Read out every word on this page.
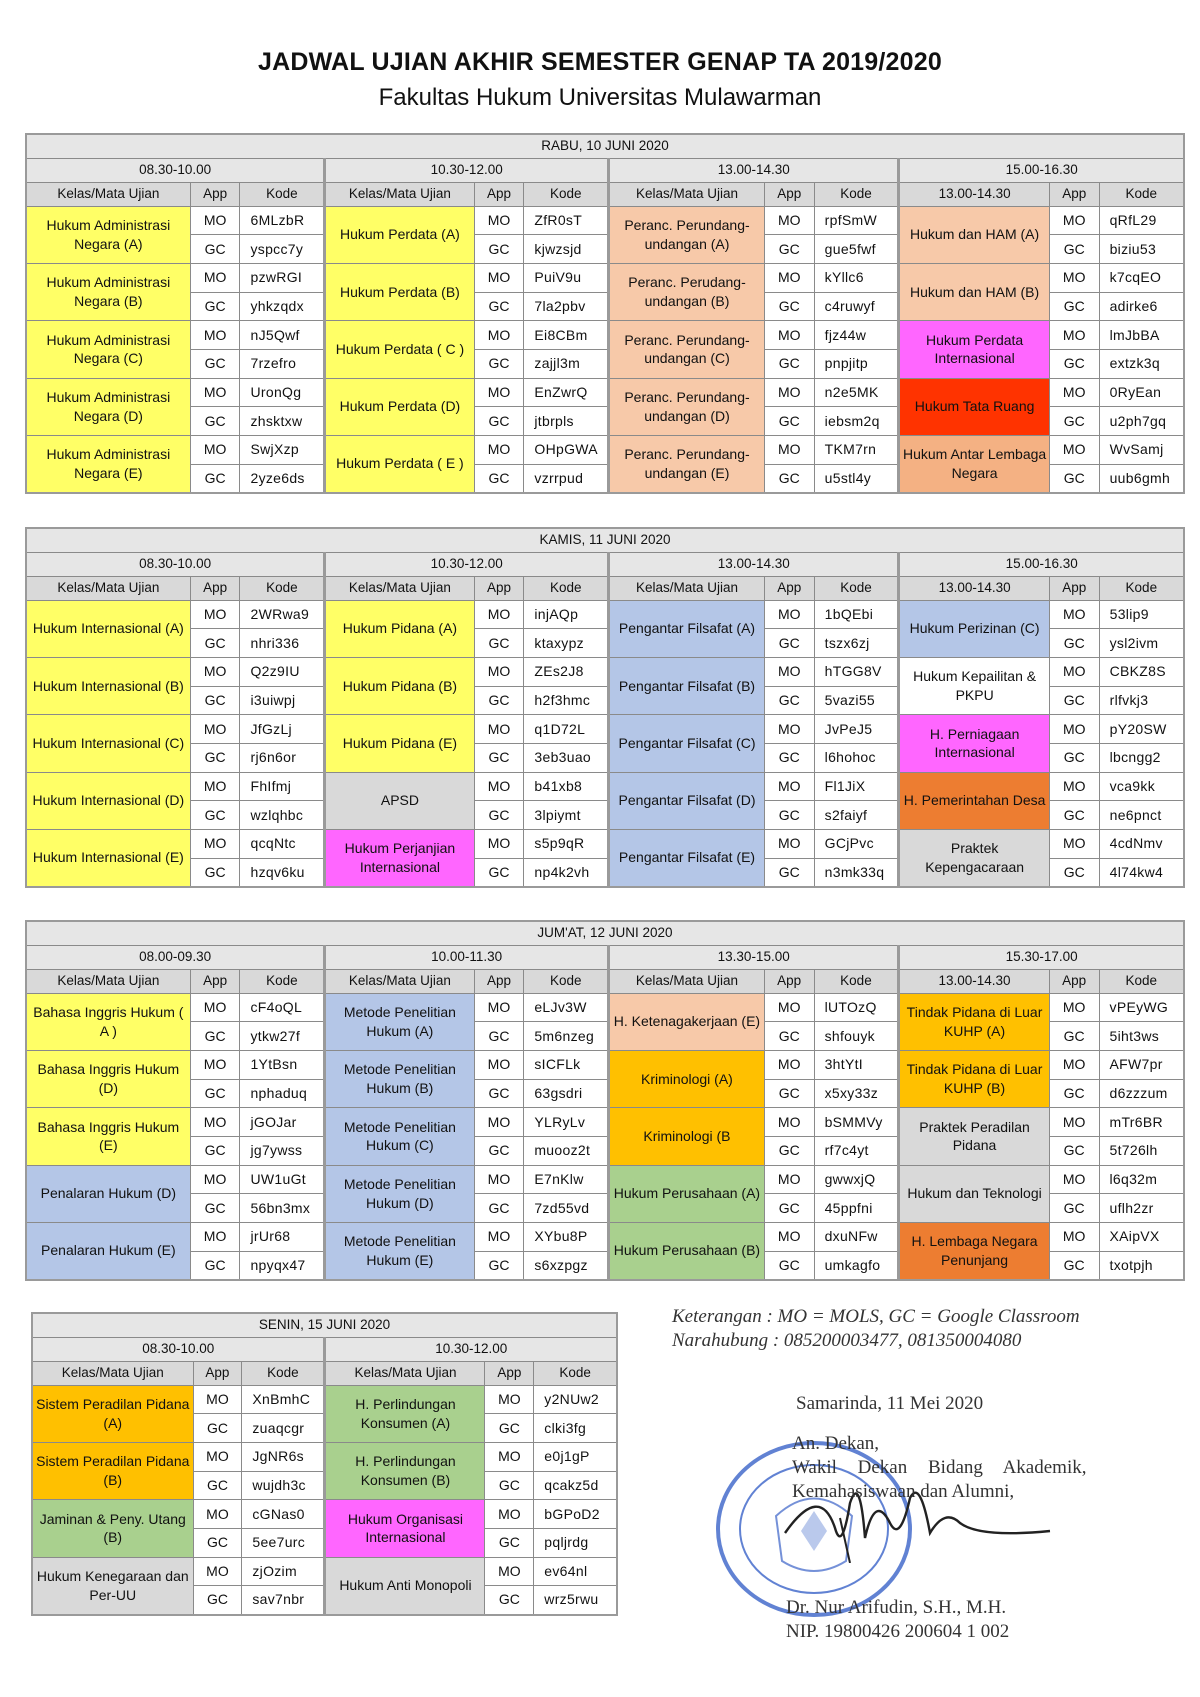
JADWAL UJIAN AKHIR SEMESTER GENAP TA 2019/2020
Fakultas Hukum Universitas Mulawarman
RABU, 10 JUNI 2020											
08.30-10.00			10.30-12.00			13.00-14.30			15.00-16.30		
Kelas/Mata Ujian	App	Kode	Kelas/Mata Ujian	App	Kode	Kelas/Mata Ujian	App	Kode	13.00-14.30	App	Kode
Hukum Administrasi Negara (A)	MO	6MLzbR	Hukum Perdata (A)	MO	ZfR0sT	Peranc. Perundang-undangan (A)	MO	rpfSmW	Hukum dan HAM (A)	MO	qRfL29
	GC	yspcc7y		GC	kjwzsjd		GC	gue5fwf		GC	biziu53
Hukum Administrasi Negara (B)	MO	pzwRGI	Hukum Perdata (B)	MO	PuiV9u	Peranc. Perudang-undangan (B)	MO	kYllc6	Hukum dan HAM (B)	MO	k7cqEO
	GC	yhkzqdx		GC	7la2pbv		GC	c4ruwyf		GC	adirke6
Hukum Administrasi Negara (C)	MO	nJ5Qwf	Hukum Perdata ( C )	MO	Ei8CBm	Peranc. Perundang-undangan (C)	MO	fjz44w	Hukum Perdata Internasional	MO	lmJbBA
	GC	7rzefro		GC	zajjl3m		GC	pnpjitp		GC	extzk3q
Hukum Administrasi Negara (D)	MO	UronQg	Hukum Perdata (D)	MO	EnZwrQ	Peranc. Perundang-undangan (D)	MO	n2e5MK	Hukum Tata Ruang	MO	0RyEan
	GC	zhsktxw		GC	jtbrpls		GC	iebsm2q		GC	u2ph7gq
Hukum Administrasi Negara (E)	MO	SwjXzp	Hukum Perdata ( E )	MO	OHpGWA	Peranc. Perundang-undangan (E)	MO	TKM7rn	Hukum Antar Lembaga Negara	MO	WvSamj
	GC	2yze6ds		GC	vzrrpud		GC	u5stl4y		GC	uub6gmh
KAMIS, 11 JUNI 2020											
08.30-10.00			10.30-12.00			13.00-14.30			15.00-16.30		
Kelas/Mata Ujian	App	Kode	Kelas/Mata Ujian	App	Kode	Kelas/Mata Ujian	App	Kode	13.00-14.30	App	Kode
Hukum Internasional (A)	MO	2WRwa9	Hukum Pidana (A)	MO	injAQp	Pengantar Filsafat (A)	MO	1bQEbi	Hukum Perizinan (C)	MO	53lip9
	GC	nhri336		GC	ktaxypz		GC	tszx6zj		GC	ysl2ivm
Hukum Internasional (B)	MO	Q2z9IU	Hukum Pidana (B)	MO	ZEs2J8	Pengantar Filsafat (B)	MO	hTGG8V	Hukum Kepailitan & PKPU	MO	CBKZ8S
	GC	i3uiwpj		GC	h2f3hmc		GC	5vazi55		GC	rlfvkj3
Hukum Internasional (C)	MO	JfGzLj	Hukum Pidana (E)	MO	q1D72L	Pengantar Filsafat (C)	MO	JvPeJ5	H. Perniagaan Internasional	MO	pY20SW
	GC	rj6n6or		GC	3eb3uao		GC	l6hohoc		GC	lbcngg2
Hukum Internasional (D)	MO	FhIfmj	APSD	MO	b41xb8	Pengantar Filsafat (D)	MO	Fl1JiX	H. Pemerintahan Desa	MO	vca9kk
	GC	wzlqhbc		GC	3lpiymt		GC	s2faiyf		GC	ne6pnct
Hukum Internasional (E)	MO	qcqNtc	Hukum Perjanjian Internasional	MO	s5p9qR	Pengantar Filsafat (E)	MO	GCjPvc	Praktek Kepengacaraan	MO	4cdNmv
	GC	hzqv6ku		GC	np4k2vh		GC	n3mk33q		GC	4l74kw4
JUM'AT, 12 JUNI 2020											
08.00-09.30			10.00-11.30			13.30-15.00			15.30-17.00		
Kelas/Mata Ujian	App	Kode	Kelas/Mata Ujian	App	Kode	Kelas/Mata Ujian	App	Kode	13.00-14.30	App	Kode
Bahasa Inggris Hukum ( A )	MO	cF4oQL	Metode Penelitian Hukum (A)	MO	eLJv3W	H. Ketenagakerjaan (E)	MO	lUTOzQ	Tindak Pidana di Luar KUHP (A)	MO	vPEyWG
	GC	ytkw27f		GC	5m6nzeg		GC	shfouyk		GC	5iht3ws
Bahasa Inggris Hukum (D)	MO	1YtBsn	Metode Penelitian Hukum (B)	MO	sICFLk	Kriminologi (A)	MO	3htYtI	Tindak Pidana di Luar KUHP (B)	MO	AFW7pr
	GC	nphaduq		GC	63gsdri		GC	x5xy33z		GC	d6zzzum
Bahasa Inggris Hukum (E)	MO	jGOJar	Metode Penelitian Hukum (C)	MO	YLRyLv	Kriminologi (B	MO	bSMMVy	Praktek Peradilan Pidana	MO	mTr6BR
	GC	jg7ywss		GC	muooz2t		GC	rf7c4yt		GC	5t726lh
Penalaran Hukum (D)	MO	UW1uGt	Metode Penelitian Hukum (D)	MO	E7nKlw	Hukum Perusahaan (A)	MO	gwwxjQ	Hukum dan Teknologi	MO	l6q32m
	GC	56bn3mx		GC	7zd55vd		GC	45ppfni		GC	uflh2zr
Penalaran Hukum (E)	MO	jrUr68	Metode Penelitian Hukum (E)	MO	XYbu8P	Hukum Perusahaan (B)	MO	dxuNFw	H. Lembaga Negara Penunjang	MO	XAipVX
	GC	npyqx47		GC	s6xzpgz		GC	umkagfo		GC	txotpjh
SENIN, 15 JUNI 2020					
08.30-10.00			10.30-12.00		
Kelas/Mata Ujian	App	Kode	Kelas/Mata Ujian	App	Kode
Sistem Peradilan Pidana (A)	MO	XnBmhC	H. Perlindungan Konsumen (A)	MO	y2NUw2
	GC	zuaqcgr		GC	clki3fg
Sistem Peradilan Pidana (B)	MO	JgNR6s	H. Perlindungan Konsumen (B)	MO	e0j1gP
	GC	wujdh3c		GC	qcakz5d
Jaminan & Peny. Utang (B)	MO	cGNas0	Hukum Organisasi Internasional	MO	bGPoD2
	GC	5ee7urc		GC	pqljrdg
Hukum Kenegaraan dan Per-UU	MO	zjOzim	Hukum Anti Monopoli	MO	ev64nl
	GC	sav7nbr		GC	wrz5rwu
Keterangan : MO = MOLS, GC = Google Classroom
Narahubung : 085200003477, 081350004080
Samarinda, 11 Mei 2020
An. Dekan,
Wakil Dekan Bidang Akademik,
Kemahasiswaan dan Alumni,
Dr. Nur Arifudin, S.H., M.H.
NIP. 19800426 200604 1 002
